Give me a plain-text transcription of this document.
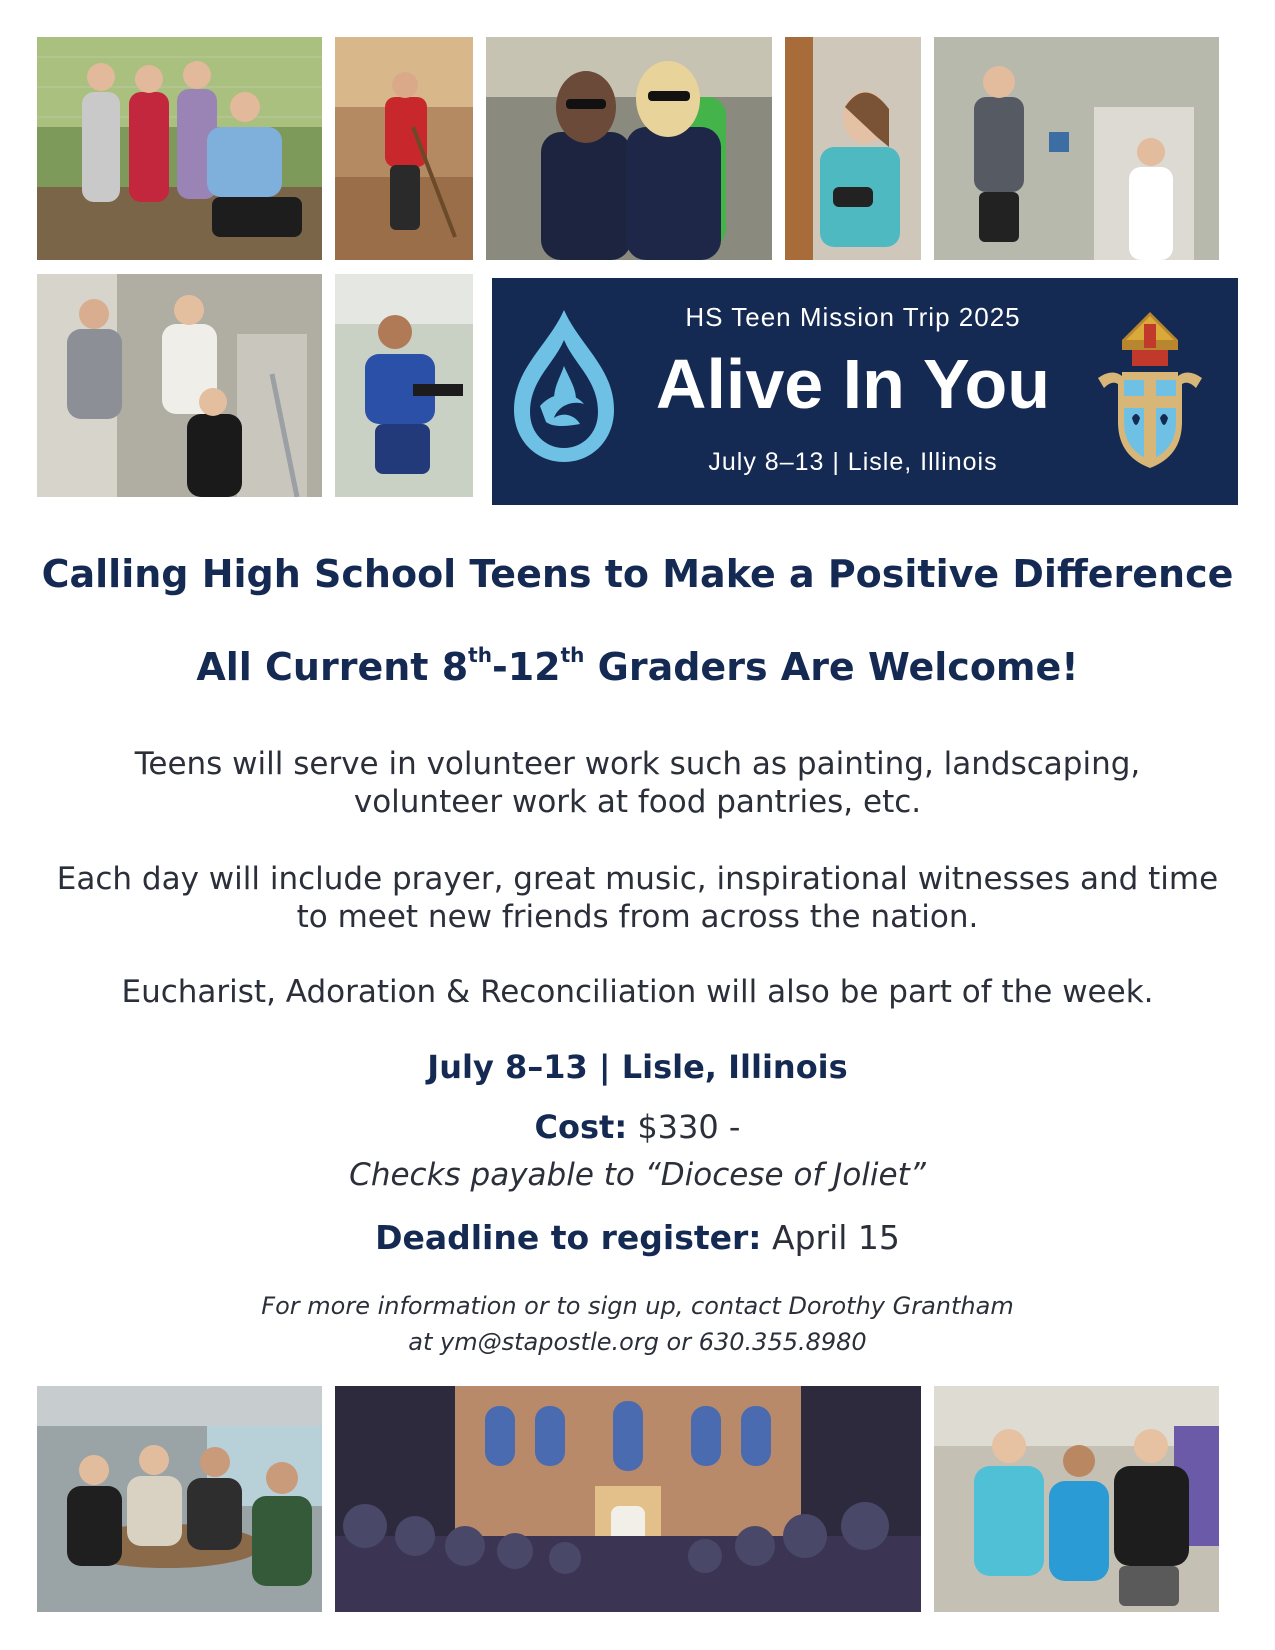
HS Teen Mission Trip 2025
Alive In You
July 8–13 | Lisle, Illinois
Calling High School Teens to Make a Positive Difference
All Current 8th-12th Graders Are Welcome!

Teens will serve in volunteer work such as painting, landscaping,
volunteer work at food pantries, etc.

Each day will include prayer, great music, inspirational witnesses and time
to meet new friends from across the nation.

Eucharist, Adoration & Reconciliation will also be part of the week.

July 8–13 | Lisle, Illinois
Cost: $330 -
Checks payable to “Diocese of Joliet”
Deadline to register: April 15

For more information or to sign up, contact Dorothy Grantham
at ym@stapostle.org or 630.355.8980
